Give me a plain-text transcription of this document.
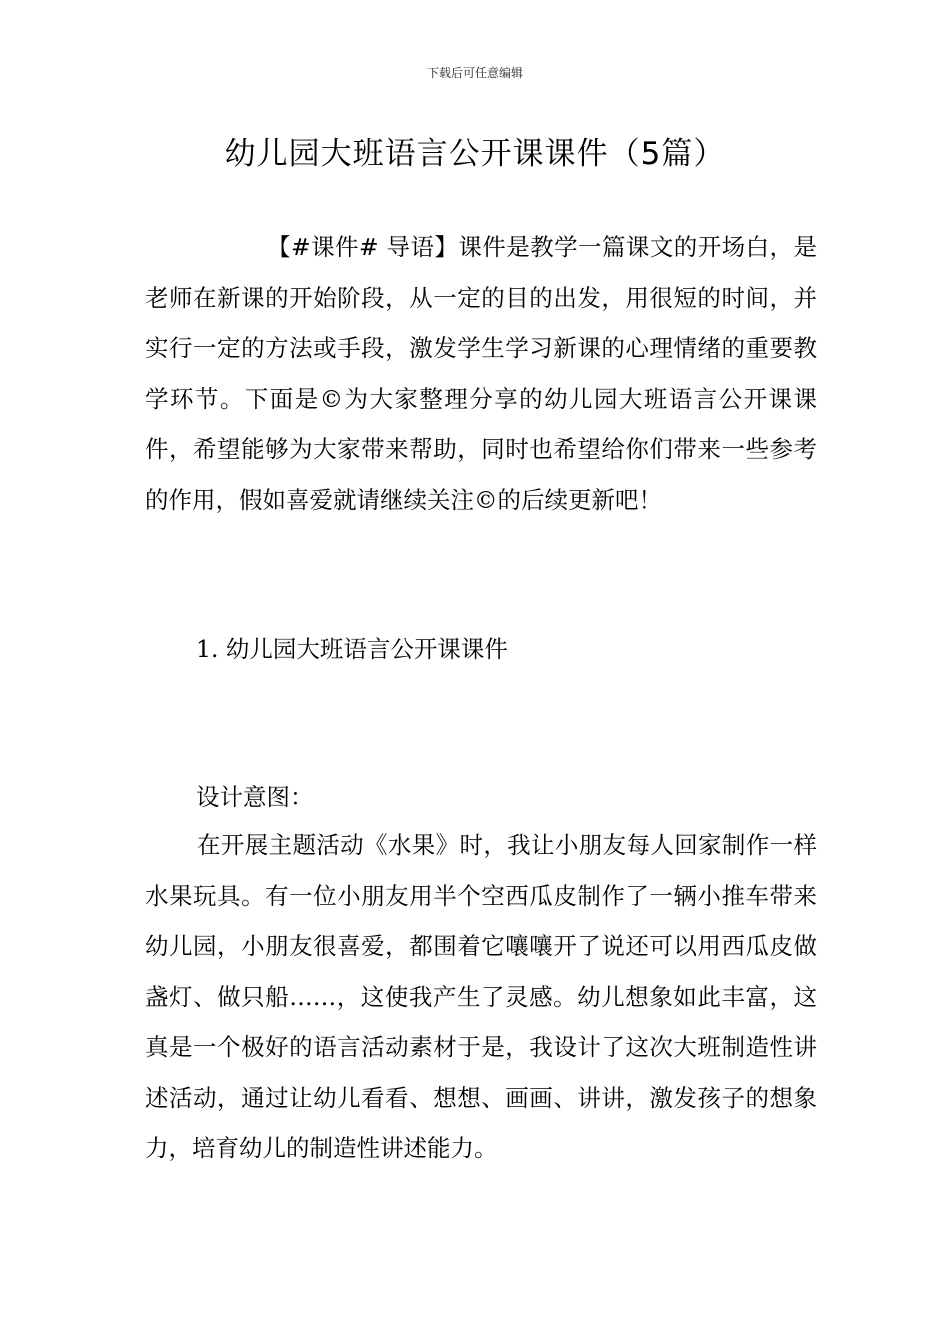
下载后可任意编辑
幼儿园大班语言公开课课件（5篇）
【#课件# 导语】课件是教学一篇课文的开场白，是老师在新课的开始阶段，从一定的目的出发，用很短的时间，并实行一定的方法或手段，激发学生学习新课的心理情绪的重要教学环节。下面是©为大家整理分享的幼儿园大班语言公开课课件，希望能够为大家带来帮助，同时也希望给你们带来一些参考的作用，假如喜爱就请继续关注©的后续更新吧！
1. 幼儿园大班语言公开课课件
设计意图：
在开展主题活动《水果》时，我让小朋友每人回家制作一样水果玩具。有一位小朋友用半个空西瓜皮制作了一辆小推车带来幼儿园，小朋友很喜爱，都围着它嚷嚷开了说还可以用西瓜皮做盏灯、做只船……，这使我产生了灵感。幼儿想象如此丰富，这真是一个极好的语言活动素材于是，我设计了这次大班制造性讲述活动，通过让幼儿看看、想想、画画、讲讲，激发孩子的想象力，培育幼儿的制造性讲述能力。
